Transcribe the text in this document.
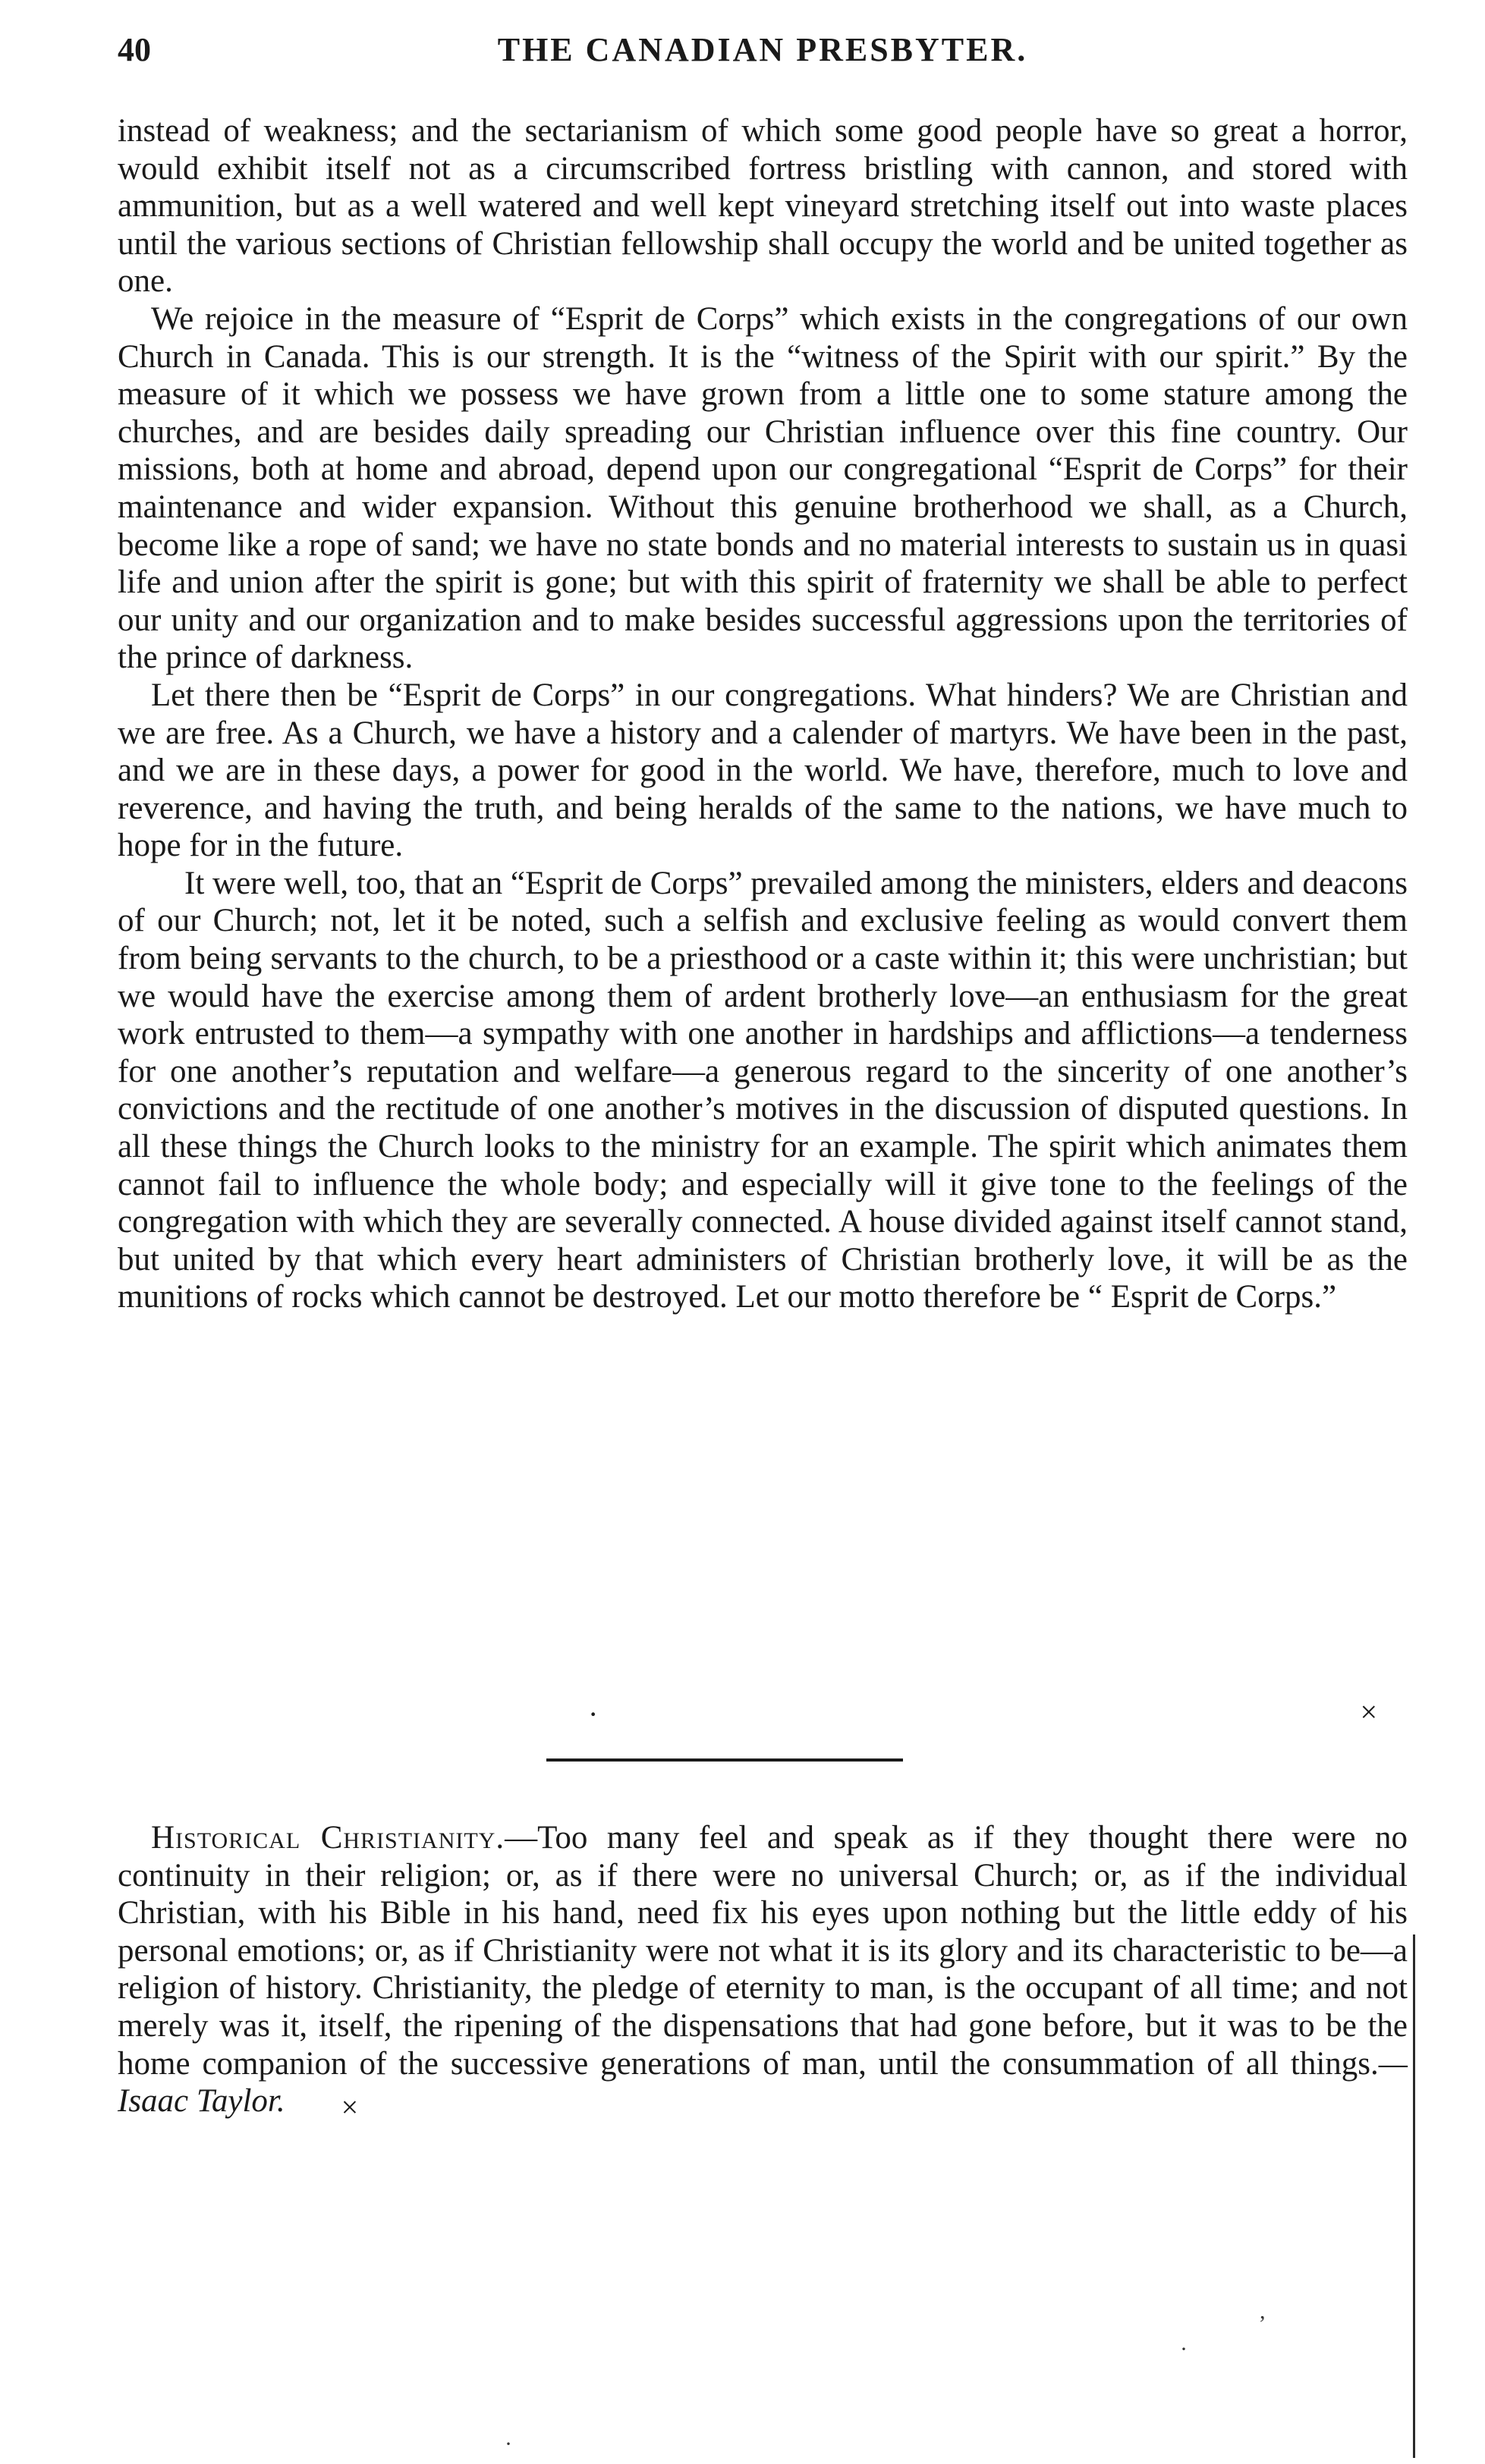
40	THE CANADIAN PRESBYTER.

instead of weakness; and the sectarianism of which some good people have so great a horror, would exhibit itself not as a circumscribed fortress bristling with cannon, and stored with ammunition, but as a well watered and well kept vineyard stretching itself out into waste places until the various sections of Christian fellowship shall occupy the world and be united together as one.

We rejoice in the measure of “Esprit de Corps” which exists in the congregations of our own Church in Canada. This is our strength. It is the “witness of the Spirit with our spirit.” By the measure of it which we possess we have grown from a little one to some stature among the churches, and are besides daily spreading our Christian influence over this fine country. Our missions, both at home and abroad, depend upon our congregational “Esprit de Corps” for their maintenance and wider expansion. Without this genuine brotherhood we shall, as a Church, become like a rope of sand; we have no state bonds and no material interests to sustain us in quasi life and union after the spirit is gone; but with this spirit of fraternity we shall be able to perfect our unity and our organization and to make besides successful aggressions upon the territories of the prince of darkness.

Let there then be “Esprit de Corps” in our congregations. What hinders? We are Christian and we are free. As a Church, we have a history and a calender of martyrs. We have been in the past, and we are in these days, a power for good in the world. We have, therefore, much to love and reverence, and having the truth, and being heralds of the same to the nations, we have much to hope for in the future.

It were well, too, that an “Esprit de Corps” prevailed among the ministers, elders and deacons of our Church; not, let it be noted, such a selfish and exclusive feeling as would convert them from being servants to the church, to be a priesthood or a caste within it; this were unchristian; but we would have the exercise among them of ardent brotherly love—an enthusiasm for the great work entrusted to them—a sympathy with one another in hardships and afflictions—a tenderness for one another’s reputation and welfare—a generous regard to the sincerity of one another’s convictions and the rectitude of one another’s motives in the discussion of disputed questions. In all these things the Church looks to the ministry for an example. The spirit which animates them cannot fail to influence the whole body; and especially will it give tone to the feelings of the congregation with which they are severally connected. A house divided against itself cannot stand, but united by that which every heart administers of Christian brotherly love, it will be as the munitions of rocks which cannot be destroyed. Let our motto therefore be “ Esprit de Corps.”

·	×

Historical Christianity.—Too many feel and speak as if they thought there were no continuity in their religion; or, as if there were no universal Church; or, as if the individual Christian, with his Bible in his hand, need fix his eyes upon nothing but the little eddy of his personal emotions; or, as if Christianity were not what it is its glory and its characteristic to be—a religion of history. Christianity, the pledge of eternity to man, is the occupant of all time; and not merely was it, itself, the ripening of the dispensations that had gone before, but it was to be the home companion of the successive generations of man, until the consummation of all things.—Isaac Taylor. ×

,
·
·
